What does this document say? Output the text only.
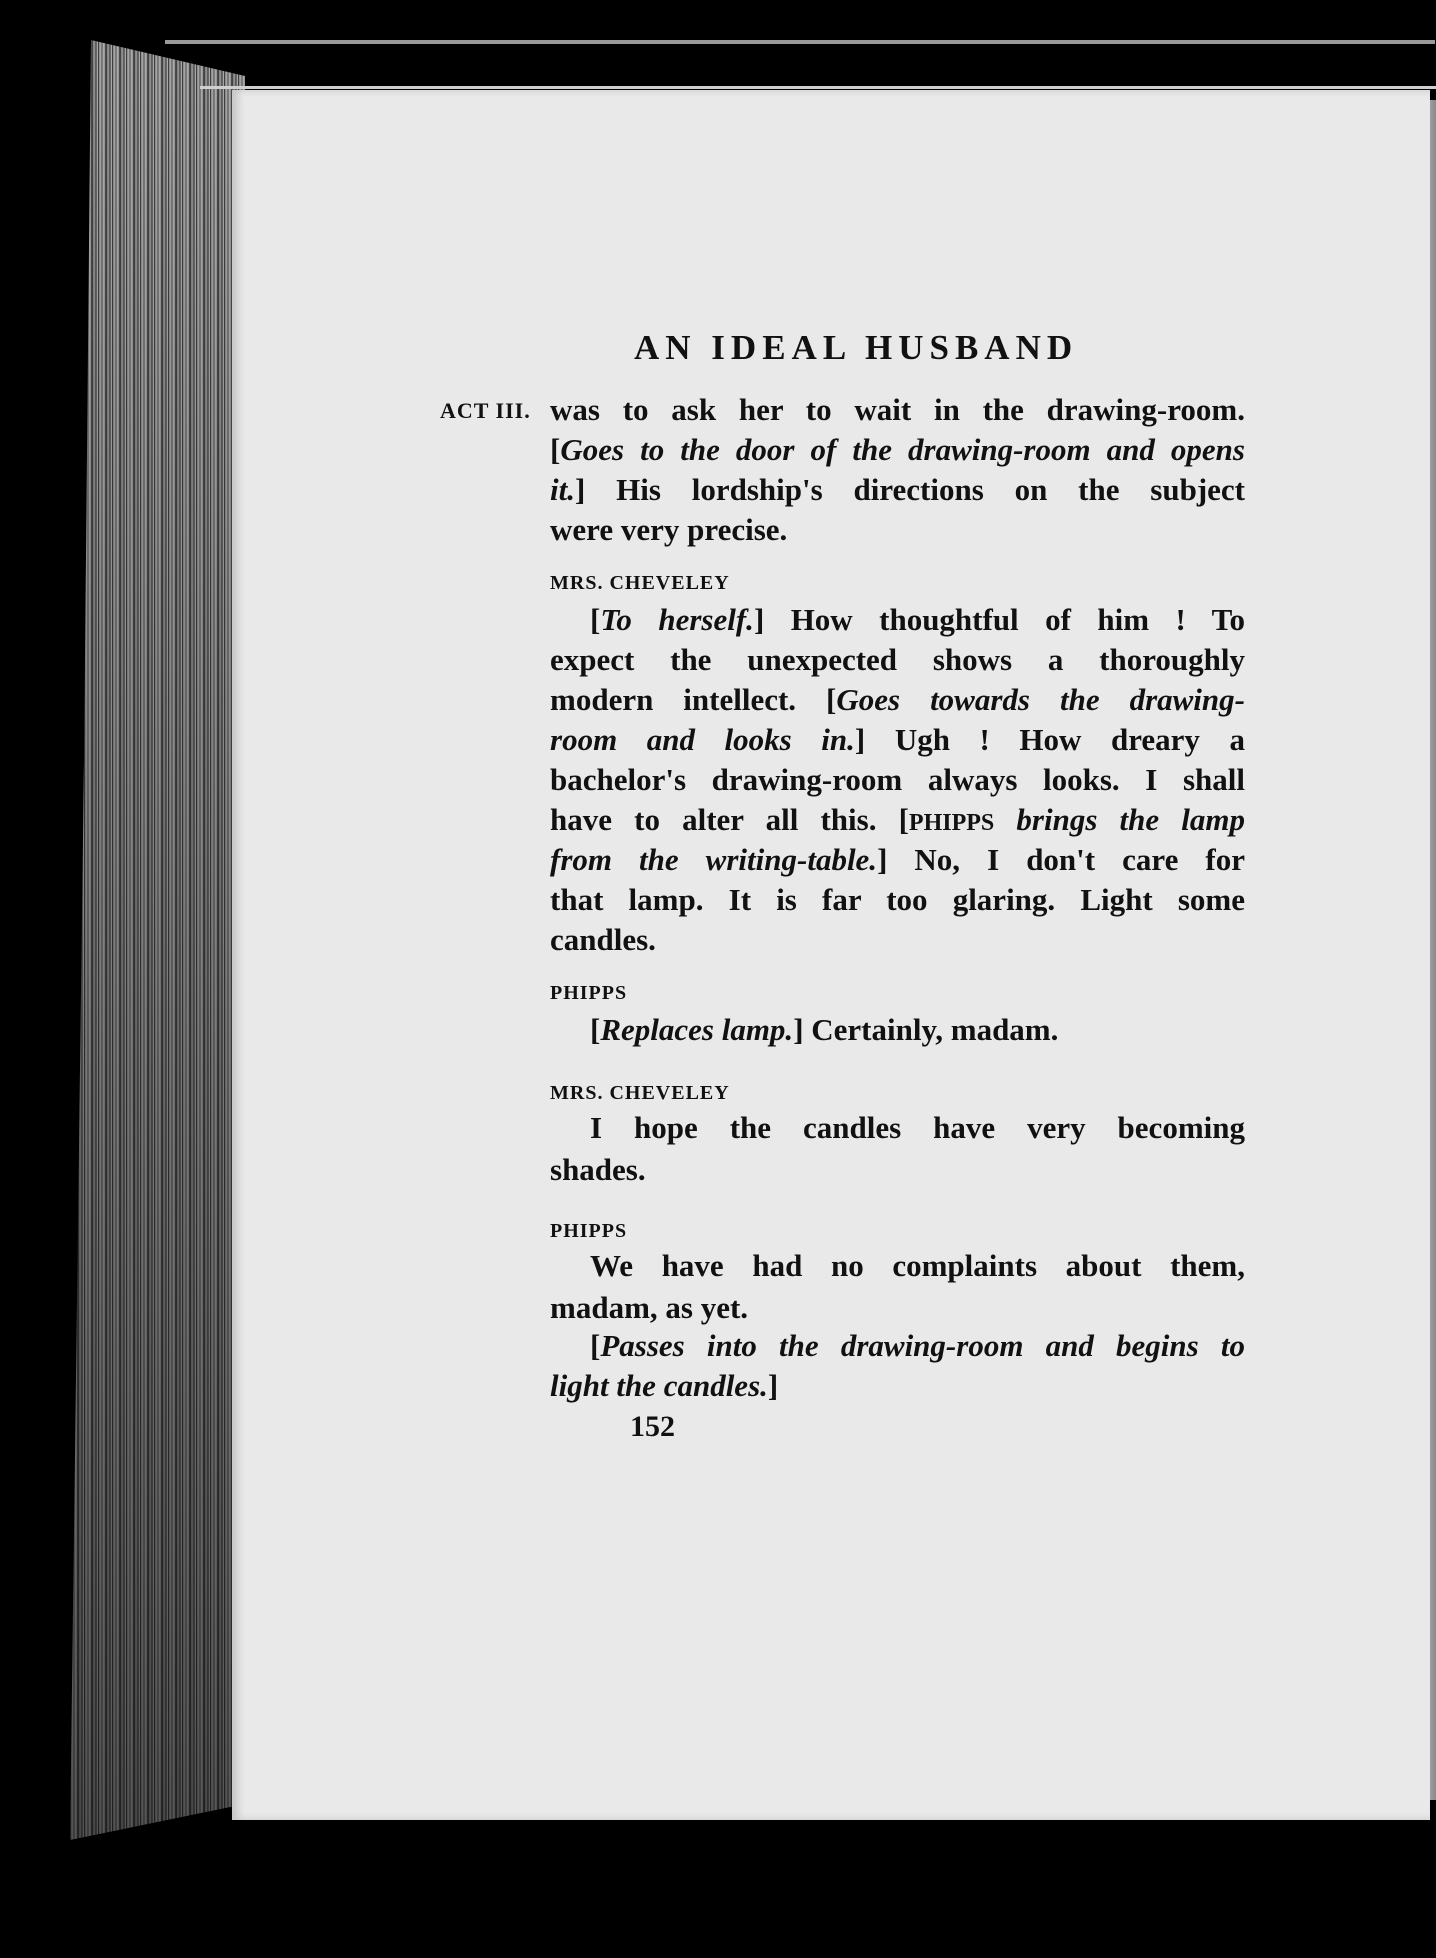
AN IDEAL HUSBAND
ACT III. was to ask her to wait in the drawing-room.
[Goes to the door of the drawing-room and opens
it.] His lordship's directions on the subject
were very precise.
MRS. CHEVELEY
[To herself.] How thoughtful of him ! To
expect the unexpected shows a thoroughly
modern intellect. [Goes towards the drawing-
room and looks in.] Ugh ! How dreary a
bachelor's drawing-room always looks. I shall
have to alter all this. [PHIPPS brings the lamp
from the writing-table.] No, I don't care for
that lamp. It is far too glaring. Light some
candles.
PHIPPS
[Replaces lamp.] Certainly, madam.
MRS. CHEVELEY
I hope the candles have very becoming
shades.
PHIPPS
We have had no complaints about them,
madam, as yet.
[Passes into the drawing-room and begins to
light the candles.]
152
